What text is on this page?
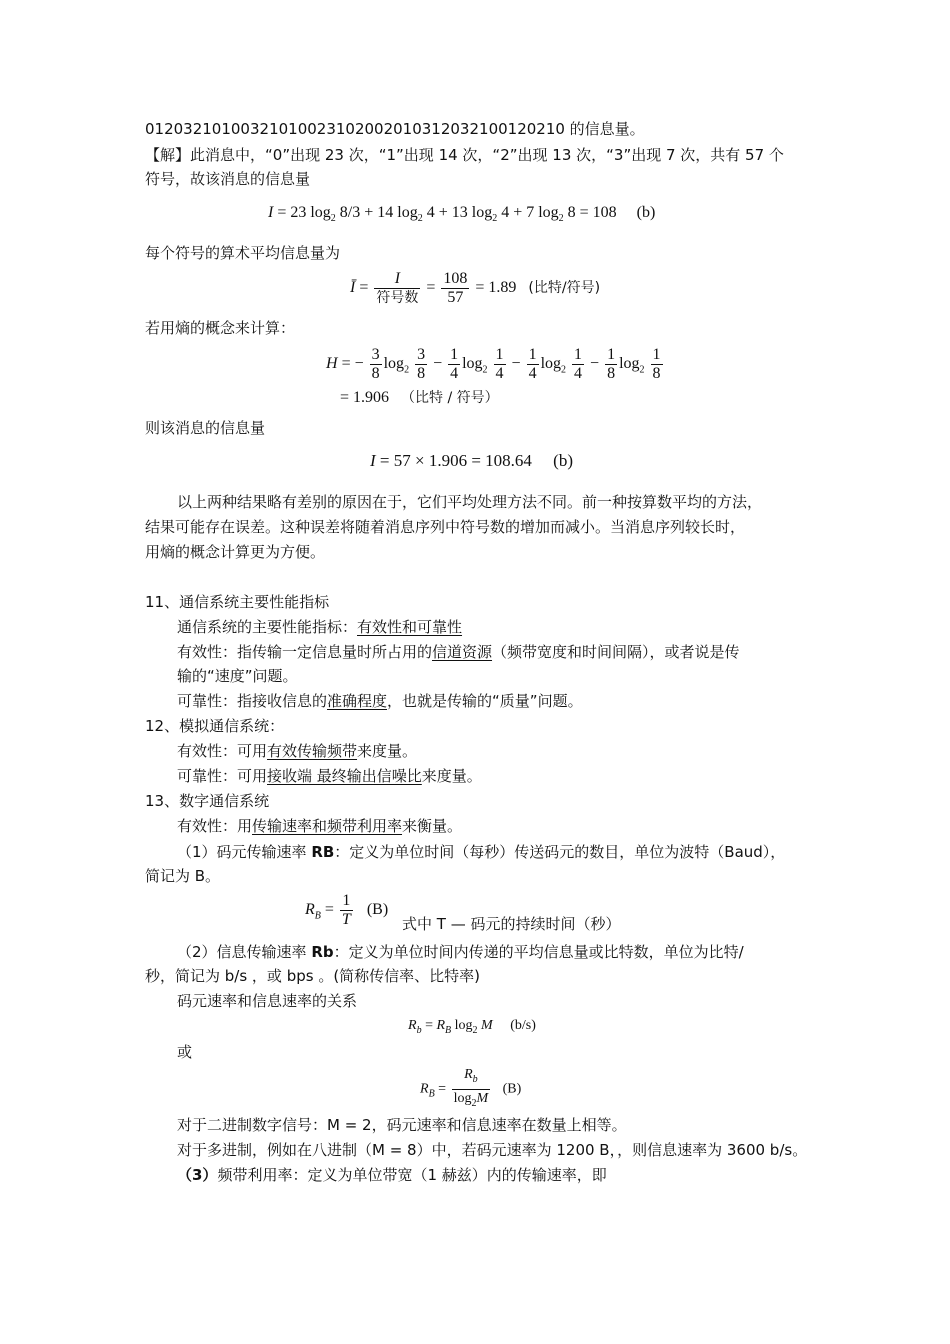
0120321010032101002310200201031203210012021​0 的信息量。
【解】此消息中，“0”出现 23 次，“1”出现 14 次，“2”出现 13 次，“3”出现 7 次，共有 57 个
符号，故该消息的信息量
I = 23 $\log_2 8/3 + 14$ $\log_2 4 + 13$ $\log_2 4 + 7$ $\log_2 8 = 108$     (b)
每个符号的算术平均信息量为
Ī = $\frac{I}{\text{符号数}} = \frac{108}{57} = 1.89$   (比特/符号)
若用熵的概念来计算：
H = − $\frac{3}{8} \log_2 \frac{3}{8} - \frac{1}{4} \log_2 \frac{1}{4} - \frac{1}{4} \log_2 \frac{1}{4} - \frac{1}{8} \log_2 \frac{1}{8}$
= 1.906   （比特 / 符号）
则该消息的信息量
I = 57 × 1.906 = 108.64     (b)
以上两种结果略有差别的原因在于，它们平均处理方法不同。前一种按算数平均的方法，
结果可能存在误差。这种误差将随着消息序列中符号数的增加而减小。当消息序列较长时，
用熵的概念计算更为方便。
11、通信系统主要性能指标
通信系统的主要性能指标：有效性和可靠性
有效性：指传输一定信息量时所占用的信道资源（频带宽度和时间间隔），或者说是传
输的“速度”问题。
可靠性：指接收信息的准确程度，也就是传输的“质量”问题。
12、模拟通信系统：
有效性：可用有效传输频带来度量。
可靠性：可用接收端 最终输出信噪比来度量。
13、数字通信系统
有效性：用传输速率和频带利用率来衡量。
（1）码元传输速率 RB：定义为单位时间（每秒）传送码元的数目，单位为波特（Baud），
简记为 B。
$R_B = \frac{1}{T} (B)$
式中 T — 码元的持续时间（秒）
（2）信息传输速率 Rb：定义为单位时间内传递的平均信息量或比特数，单位为比特/
秒，简记为 b/s ，或 bps 。(简称传信率、比特率)
码元速率和信息速率的关系
$R_b = R_B$ $\log_2 M$     (b/s)
或
$R_B = \frac{R_b}{\log_2M} (B)$
对于二进制数字信号：M = 2，码元速率和信息速率在数量上相等。
对于多进制，例如在八进制（M = 8）中，若码元速率为 1200 B，，则信息速率为 3600 b/s。
（3）频带利用率：定义为单位带宽（1 赫兹）内的传输速率，即
